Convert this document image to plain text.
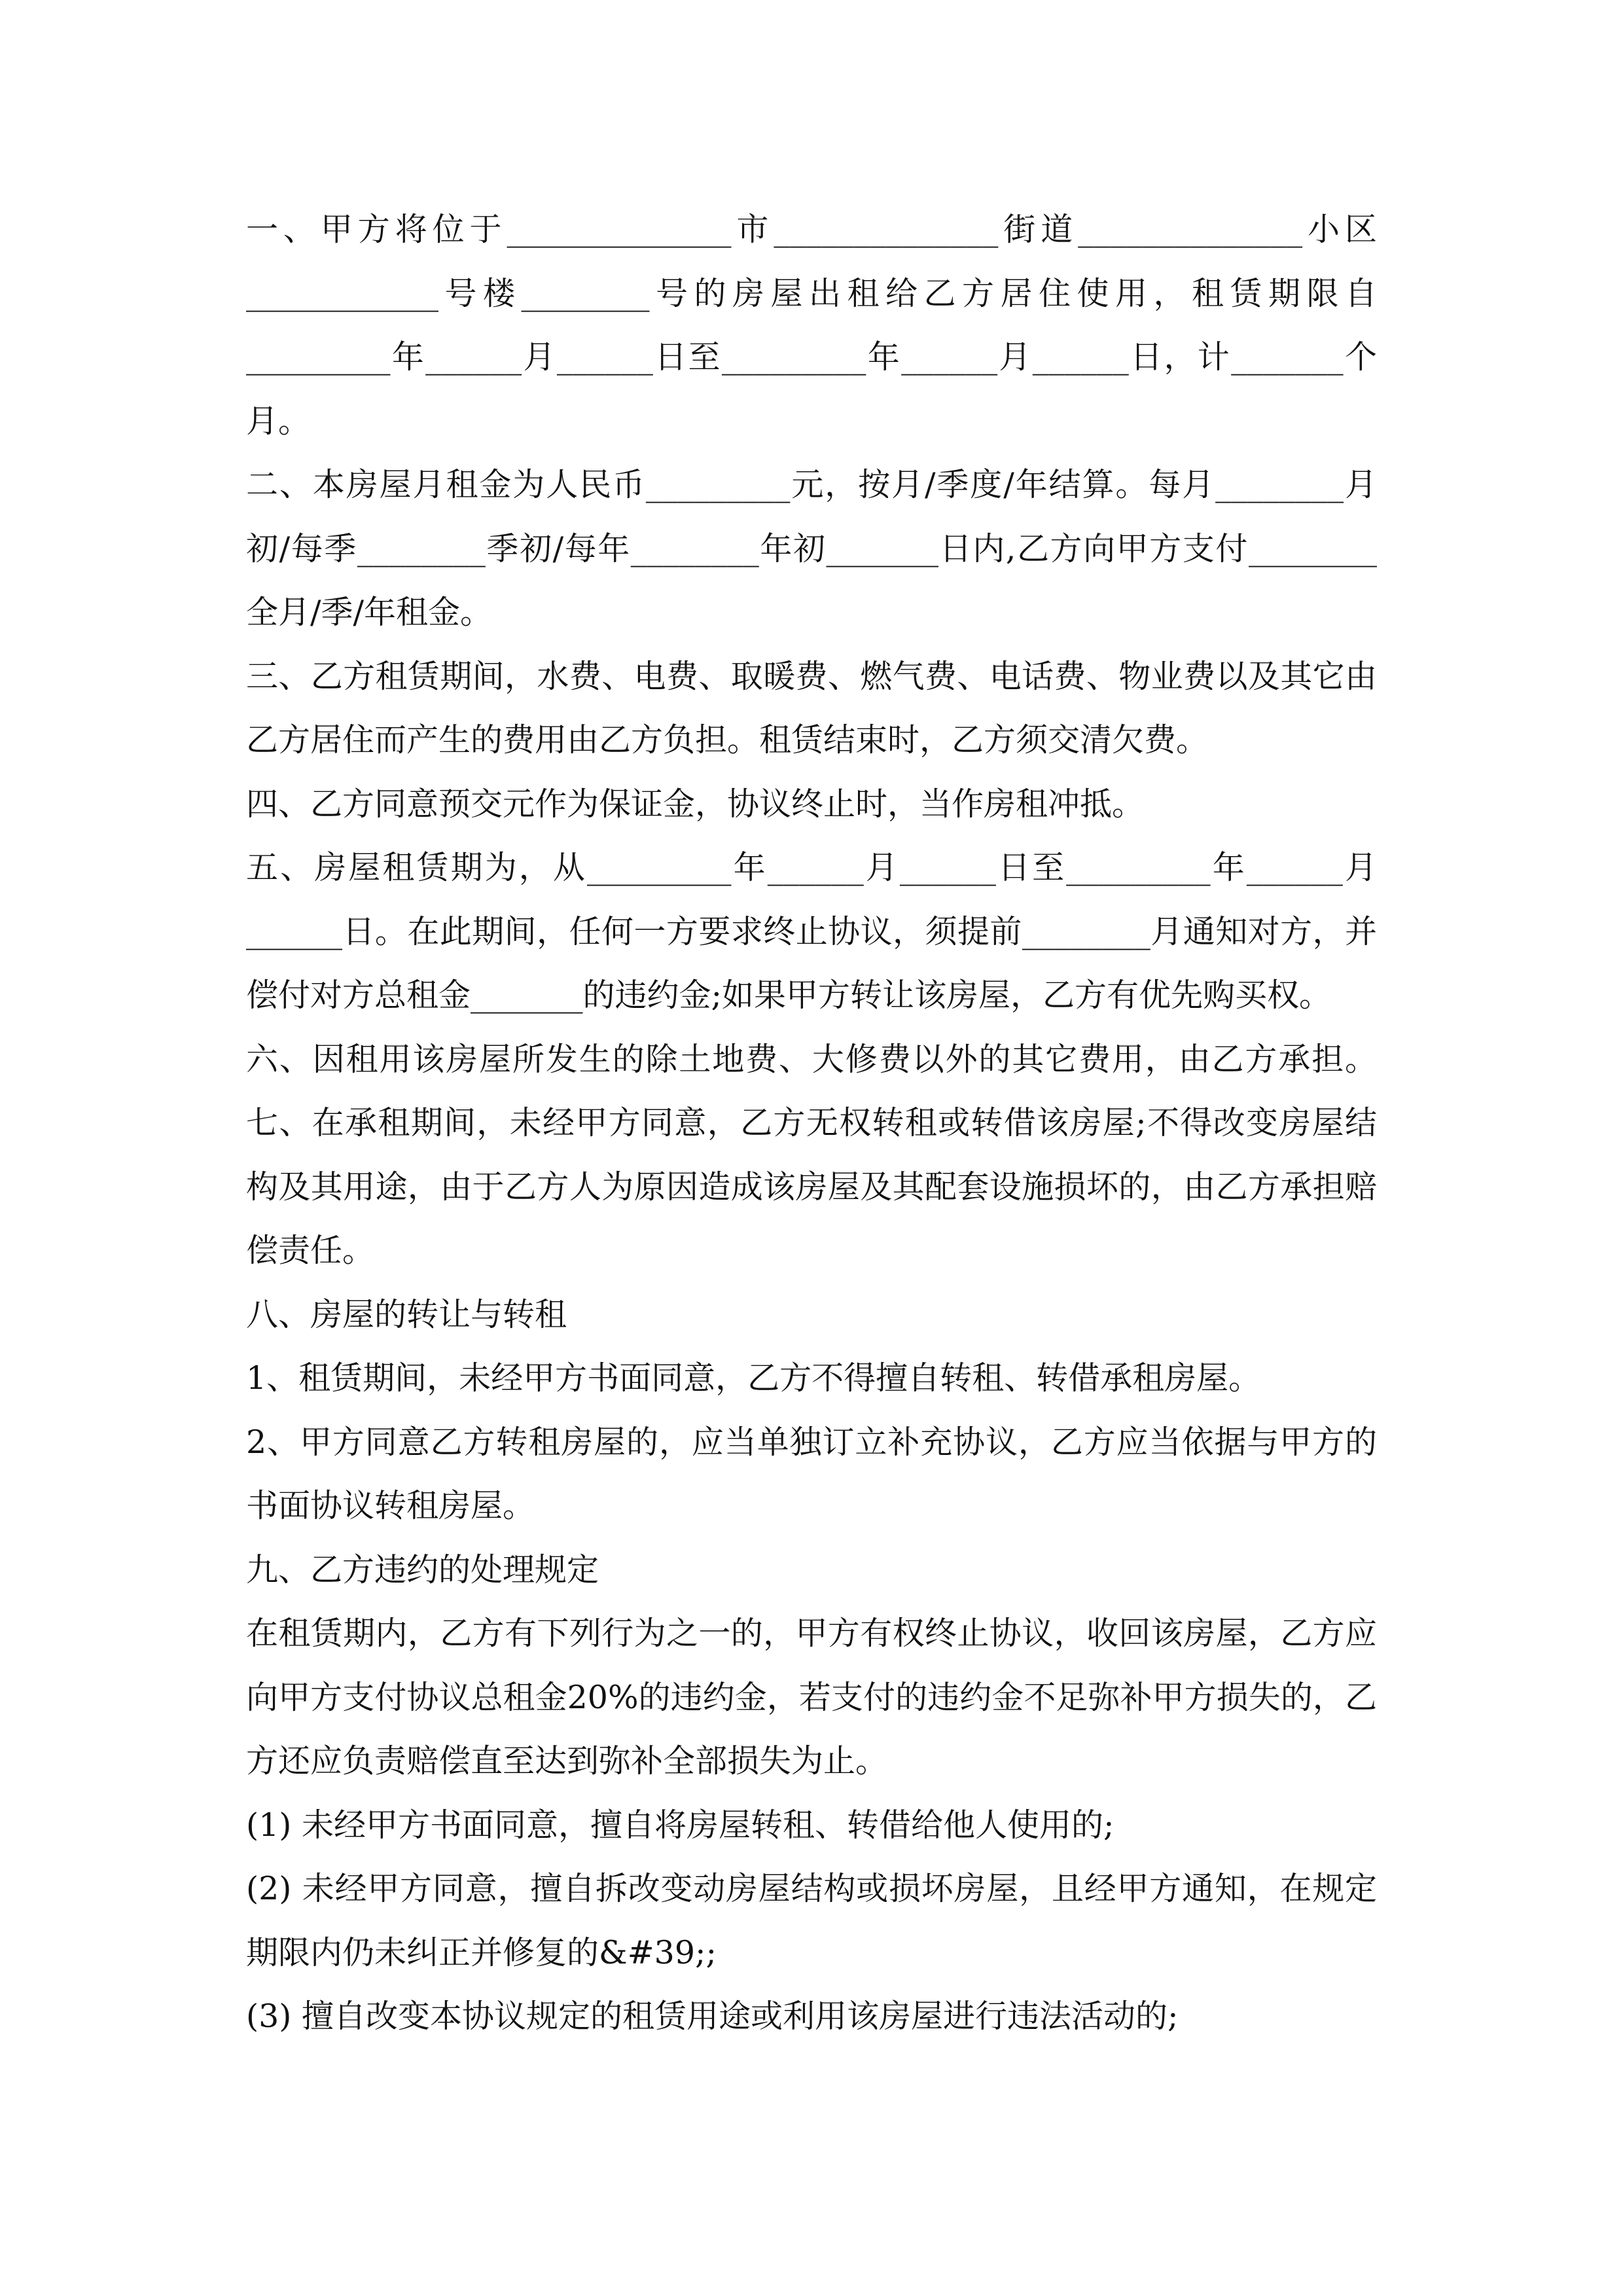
一、甲方将位于______________市______________街道______________小区
____________号楼________号的房屋出租给乙方居住使用，租赁期限自
_________年______月______日至_________年______月______日，计_______个
月。
二、本房屋月租金为人民币_________元，按月/季度/年结算。每月________月
初/每季________季初/每年________年初_______日内,乙方向甲方支付________
全月/季/年租金。
三、乙方租赁期间，水费、电费、取暖费、燃气费、电话费、物业费以及其它由
乙方居住而产生的费用由乙方负担。租赁结束时，乙方须交清欠费。
四、乙方同意预交元作为保证金，协议终止时，当作房租冲抵。
五、房屋租赁期为，从_________年______月______日至_________年______月
______日。在此期间，任何一方要求终止协议，须提前________月通知对方，并
偿付对方总租金_______的违约金;如果甲方转让该房屋，乙方有优先购买权。
六、因租用该房屋所发生的除土地费、大修费以外的其它费用，由乙方承担。
七、在承租期间，未经甲方同意，乙方无权转租或转借该房屋;不得改变房屋结
构及其用途，由于乙方人为原因造成该房屋及其配套设施损坏的，由乙方承担赔
偿责任。
八、房屋的转让与转租
1、租赁期间，未经甲方书面同意，乙方不得擅自转租、转借承租房屋。
2、甲方同意乙方转租房屋的，应当单独订立补充协议，乙方应当依据与甲方的
书面协议转租房屋。
九、乙方违约的处理规定
在租赁期内，乙方有下列行为之一的，甲方有权终止协议，收回该房屋，乙方应
向甲方支付协议总租金20%的违约金，若支付的违约金不足弥补甲方损失的，乙
方还应负责赔偿直至达到弥补全部损失为止。
(1) 未经甲方书面同意，擅自将房屋转租、转借给他人使用的;
(2) 未经甲方同意，擅自拆改变动房屋结构或损坏房屋，且经甲方通知，在规定
期限内仍未纠正并修复的&#39;;
(3) 擅自改变本协议规定的租赁用途或利用该房屋进行违法活动的;
